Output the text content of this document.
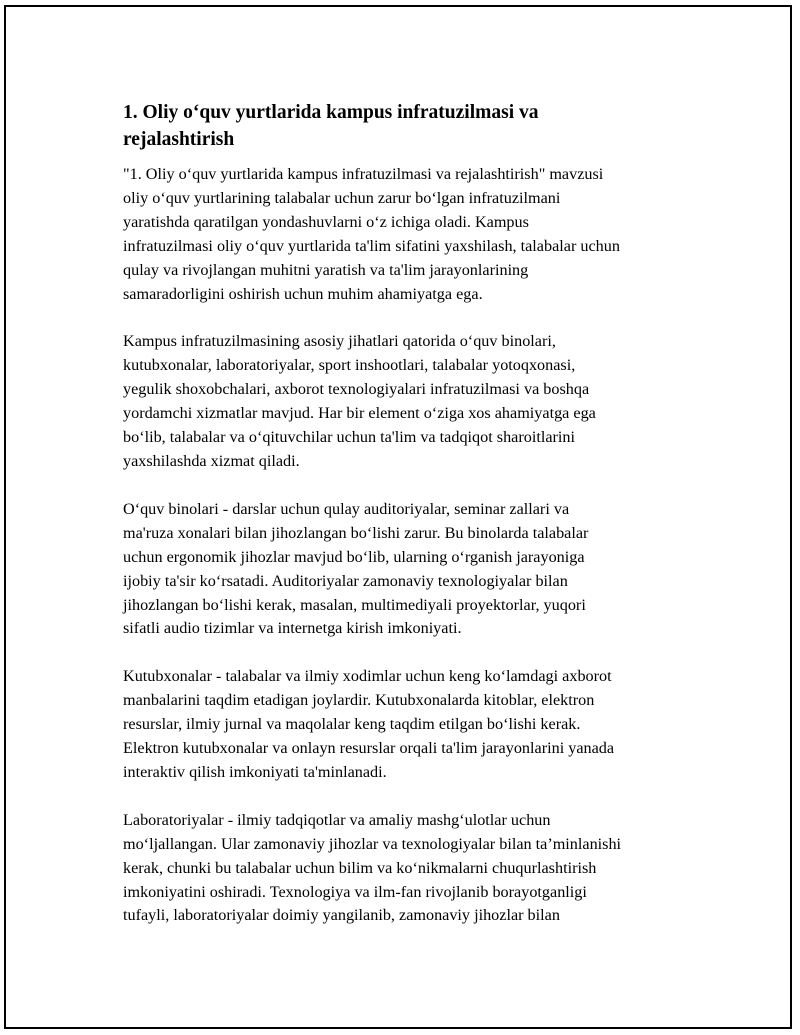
1. Oliy o‘quv yurtlarida kampus infratuzilmasi va
rejalashtirish

"1. Oliy o‘quv yurtlarida kampus infratuzilmasi va rejalashtirish" mavzusi
oliy o‘quv yurtlarining talabalar uchun zarur bo‘lgan infratuzilmani
yaratishda qaratilgan yondashuvlarni o‘z ichiga oladi. Kampus
infratuzilmasi oliy o‘quv yurtlarida ta'lim sifatini yaxshilash, talabalar uchun
qulay va rivojlangan muhitni yaratish va ta'lim jarayonlarining
samaradorligini oshirish uchun muhim ahamiyatga ega.

Kampus infratuzilmasining asosiy jihatlari qatorida o‘quv binolari,
kutubxonalar, laboratoriyalar, sport inshootlari, talabalar yotoqxonasi,
yegulik shoxobchalari, axborot texnologiyalari infratuzilmasi va boshqa
yordamchi xizmatlar mavjud. Har bir element o‘ziga xos ahamiyatga ega
bo‘lib, talabalar va o‘qituvchilar uchun ta'lim va tadqiqot sharoitlarini
yaxshilashda xizmat qiladi.

O‘quv binolari - darslar uchun qulay auditoriyalar, seminar zallari va
ma'ruza xonalari bilan jihozlangan bo‘lishi zarur. Bu binolarda talabalar
uchun ergonomik jihozlar mavjud bo‘lib, ularning o‘rganish jarayoniga
ijobiy ta'sir ko‘rsatadi. Auditoriyalar zamonaviy texnologiyalar bilan
jihozlangan bo‘lishi kerak, masalan, multimediyali proyektorlar, yuqori
sifatli audio tizimlar va internetga kirish imkoniyati.

Kutubxonalar - talabalar va ilmiy xodimlar uchun keng ko‘lamdagi axborot
manbalarini taqdim etadigan joylardir. Kutubxonalarda kitoblar, elektron
resurslar, ilmiy jurnal va maqolalar keng taqdim etilgan bo‘lishi kerak.
Elektron kutubxonalar va onlayn resurslar orqali ta'lim jarayonlarini yanada
interaktiv qilish imkoniyati ta'minlanadi.

Laboratoriyalar - ilmiy tadqiqotlar va amaliy mashg‘ulotlar uchun
mo‘ljallangan. Ular zamonaviy jihozlar va texnologiyalar bilan ta’minlanishi
kerak, chunki bu talabalar uchun bilim va ko‘nikmalarni chuqurlashtirish
imkoniyatini oshiradi. Texnologiya va ilm-fan rivojlanib borayotganligi
tufayli, laboratoriyalar doimiy yangilanib, zamonaviy jihozlar bilan
